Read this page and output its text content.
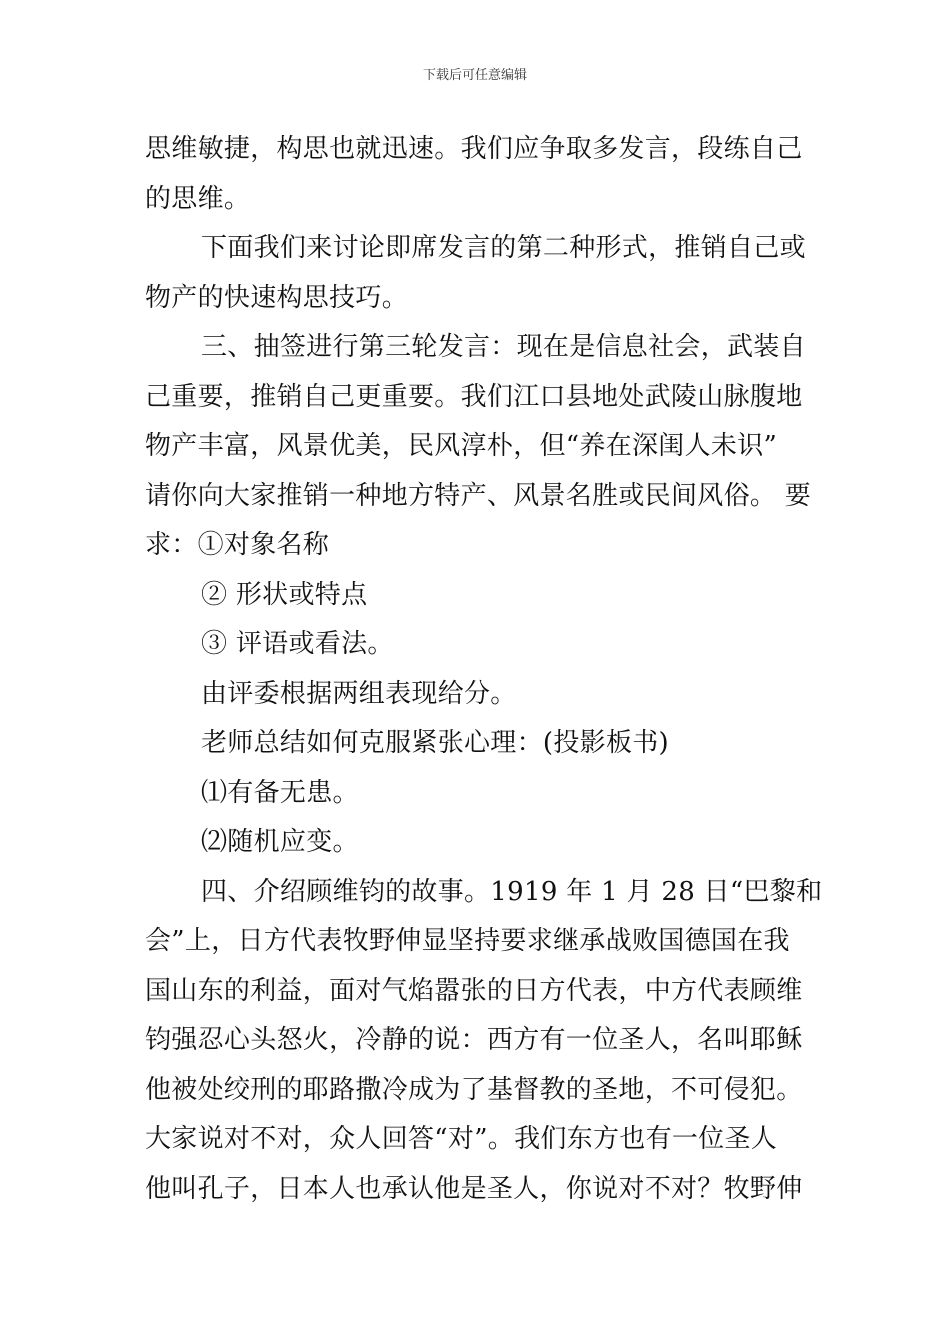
下载后可任意编辑
思维敏捷，构思也就迅速。我们应争取多发言，段练自己
的思维。
下面我们来讨论即席发言的第二种形式，推销自己或
物产的快速构思技巧。
三、抽签进行第三轮发言：现在是信息社会，武装自
己重要，推销自己更重要。我们江口县地处武陵山脉腹地
物产丰富，风景优美，民风淳朴，但“养在深闺人未识”
请你向大家推销一种地方特产、风景名胜或民间风俗。 要
求：①对象名称
② 形状或特点
③ 评语或看法。
由评委根据两组表现给分。
老师总结如何克服紧张心理：(投影板书)
⑴有备无患。
⑵随机应变。
四、介绍顾维钧的故事。1919 年 1 月 28 日“巴黎和
会”上，日方代表牧野伸显坚持要求继承战败国德国在我
国山东的利益，面对气焰嚣张的日方代表，中方代表顾维
钧强忍心头怒火，冷静的说：西方有一位圣人，名叫耶稣
他被处绞刑的耶路撒冷成为了基督教的圣地，不可侵犯。
大家说对不对，众人回答“对”。我们东方也有一位圣人
他叫孔子，日本人也承认他是圣人，你说对不对？牧野伸
